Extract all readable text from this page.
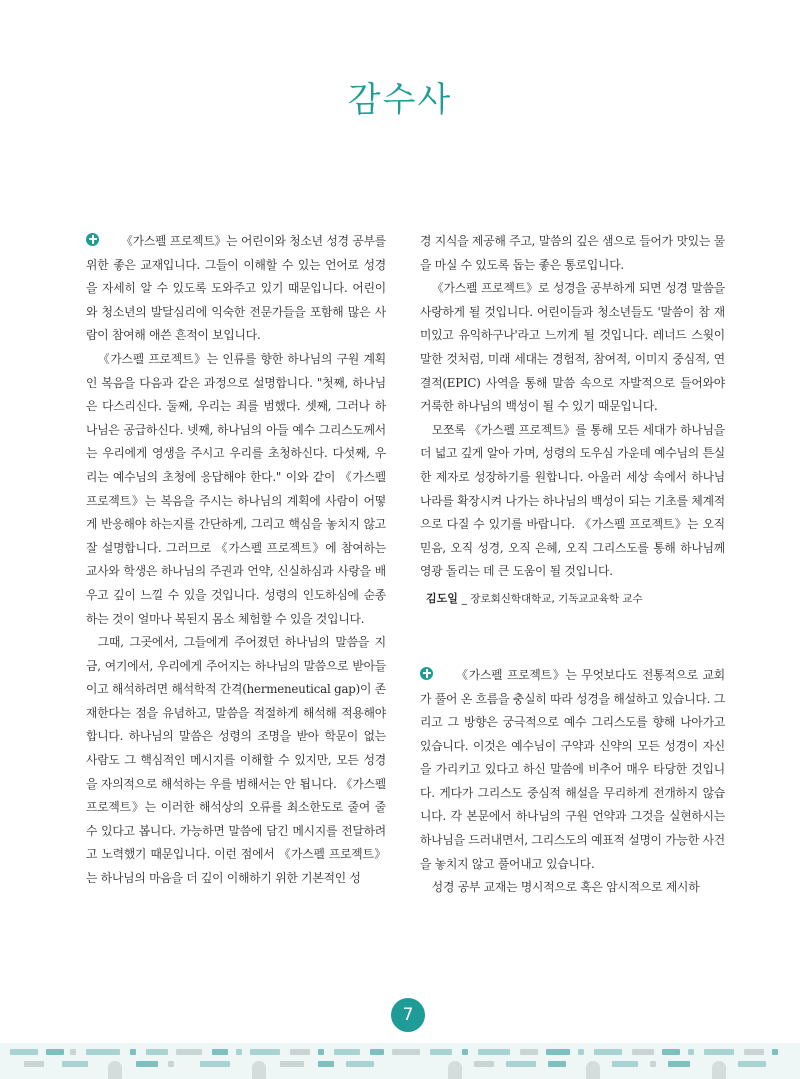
감수사

《가스펠 프로젝트》는 어린이와 청소년 성경 공부를 위한 좋은 교재입니다. 그들이 이해할 수 있는 언어로 성경을 자세히 알 수 있도록 도와주고 있기 때문입니다. 어린이와 청소년의 발달심리에 익숙한 전문가들을 포함해 많은 사람이 참여해 애쓴 흔적이 보입니다.

《가스펠 프로젝트》는 인류를 향한 하나님의 구원 계획인 복음을 다음과 같은 과정으로 설명합니다. "첫째, 하나님은 다스리신다. 둘째, 우리는 죄를 범했다. 셋째, 그러나 하나님은 공급하신다. 넷째, 하나님의 아들 예수 그리스도께서는 우리에게 영생을 주시고 우리를 초청하신다. 다섯째, 우리는 예수님의 초청에 응답해야 한다." 이와 같이 《가스펠 프로젝트》는 복음을 주시는 하나님의 계획에 사람이 어떻게 반응해야 하는지를 간단하게, 그리고 핵심을 놓치지 않고 잘 설명합니다. 그러므로 《가스펠 프로젝트》에 참여하는 교사와 학생은 하나님의 주권과 언약, 신실하심과 사랑을 배우고 깊이 느낄 수 있을 것입니다. 성령의 인도하심에 순종하는 것이 얼마나 복된지 몸소 체험할 수 있을 것입니다.

그때, 그곳에서, 그들에게 주어졌던 하나님의 말씀을 지금, 여기에서, 우리에게 주어지는 하나님의 말씀으로 받아들이고 해석하려면 해석학적 간격(hermeneutical gap)이 존재한다는 점을 유념하고, 말씀을 적절하게 해석해 적용해야 합니다. 하나님의 말씀은 성령의 조명을 받아 학문이 없는 사람도 그 핵심적인 메시지를 이해할 수 있지만, 모든 성경을 자의적으로 해석하는 우를 범해서는 안 됩니다. 《가스펠 프로젝트》는 이러한 해석상의 오류를 최소한도로 줄여 줄 수 있다고 봅니다. 가능하면 말씀에 담긴 메시지를 전달하려고 노력했기 때문입니다. 이런 점에서 《가스펠 프로젝트》는 하나님의 마음을 더 깊이 이해하기 위한 기본적인 성

경 지식을 제공해 주고, 말씀의 깊은 샘으로 들어가 맛있는 물을 마실 수 있도록 돕는 좋은 통로입니다.

《가스펠 프로젝트》로 성경을 공부하게 되면 성경 말씀을 사랑하게 될 것입니다. 어린이들과 청소년들도 '말씀이 참 재미있고 유익하구나'라고 느끼게 될 것입니다. 레너드 스윗이 말한 것처럼, 미래 세대는 경험적, 참여적, 이미지 중심적, 연결적(EPIC) 사역을 통해 말씀 속으로 자발적으로 들어와야 거룩한 하나님의 백성이 될 수 있기 때문입니다.

모쪼록 《가스펠 프로젝트》를 통해 모든 세대가 하나님을 더 넓고 깊게 알아 가며, 성령의 도우심 가운데 예수님의 튼실한 제자로 성장하기를 원합니다. 아울러 세상 속에서 하나님 나라를 확장시켜 나가는 하나님의 백성이 되는 기초를 체계적으로 다질 수 있기를 바랍니다. 《가스펠 프로젝트》는 오직 믿음, 오직 성경, 오직 은혜, 오직 그리스도를 통해 하나님께 영광 돌리는 데 큰 도움이 될 것입니다.

김도일 _ 장로회신학대학교, 기독교교육학 교수

《가스펠 프로젝트》는 무엇보다도 전통적으로 교회가 풀어 온 흐름을 충실히 따라 성경을 해설하고 있습니다. 그리고 그 방향은 궁극적으로 예수 그리스도를 향해 나아가고 있습니다. 이것은 예수님이 구약과 신약의 모든 성경이 자신을 가리키고 있다고 하신 말씀에 비추어 매우 타당한 것입니다. 게다가 그리스도 중심적 해설을 무리하게 전개하지 않습니다. 각 본문에서 하나님의 구원 언약과 그것을 실현하시는 하나님을 드러내면서, 그리스도의 예표적 설명이 가능한 사건을 놓치지 않고 풀어내고 있습니다.

성경 공부 교재는 명시적으로 혹은 암시적으로 제시하

7
